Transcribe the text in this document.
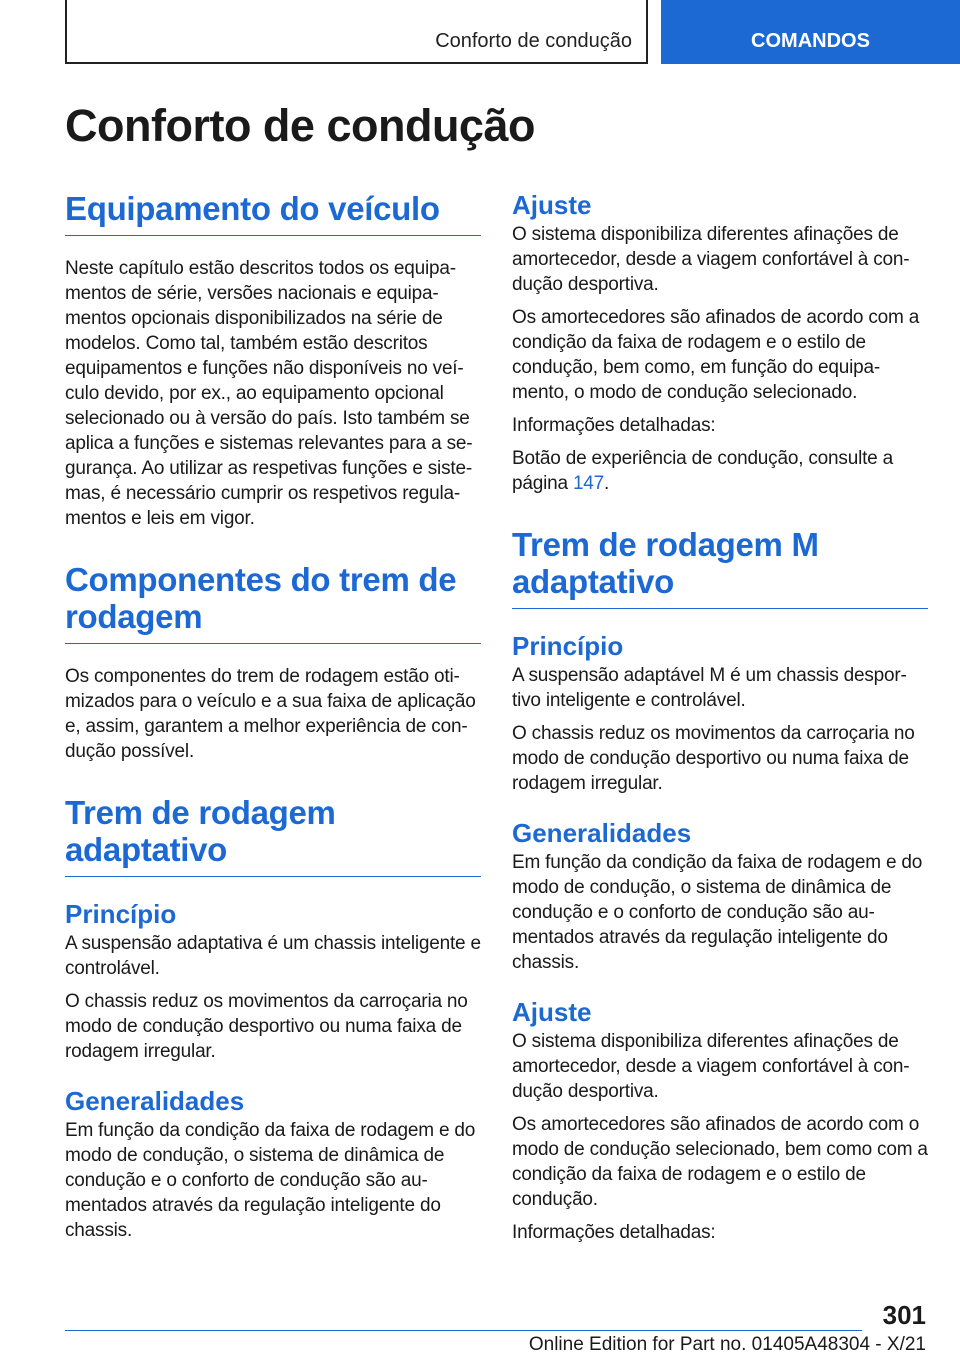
Conforto de condução	COMANDOS
Conforto de condução
Equipamento do veículo

Neste capítulo estão descritos todos os equipamentos de série, versões nacionais e equipamentos opcionais disponibilizados na série de modelos. Como tal, também estão descritos equipamentos e funções não disponíveis no veículo devido, por ex., ao equipamento opcional selecionado ou à versão do país. Isto também se aplica a funções e sistemas relevantes para a segurança. Ao utilizar as respetivas funções e sistemas, é necessário cumprir os respetivos regulamentos e leis em vigor.

Componentes do trem de rodagem

Os componentes do trem de rodagem estão otimizados para o veículo e a sua faixa de aplicação e, assim, garantem a melhor experiência de condução possível.

Trem de rodagem adaptativo
Princípio

A suspensão adaptativa é um chassis inteligente e controlável.

O chassis reduz os movimentos da carroçaria no modo de condução desportivo ou numa faixa de rodagem irregular.

Generalidades

Em função da condição da faixa de rodagem e do modo de condução, o sistema de dinâmica de condução e o conforto de condução são aumentados através da regulação inteligente do chassis.

Ajuste

O sistema disponibiliza diferentes afinações de amortecedor, desde a viagem confortável à condução desportiva.

Os amortecedores são afinados de acordo com a condição da faixa de rodagem e o estilo de condução, bem como, em função do equipamento, o modo de condução selecionado.

Informações detalhadas:

Botão de experiência de condução, consulte a página 147.

Trem de rodagem M adaptativo
Princípio

A suspensão adaptável M é um chassis desportivo inteligente e controlável.

O chassis reduz os movimentos da carroçaria no modo de condução desportivo ou numa faixa de rodagem irregular.

Generalidades

Em função da condição da faixa de rodagem e do modo de condução, o sistema de dinâmica de condução e o conforto de condução são aumentados através da regulação inteligente do chassis.

Ajuste

O sistema disponibiliza diferentes afinações de amortecedor, desde a viagem confortável à condução desportiva.

Os amortecedores são afinados de acordo com o modo de condução selecionado, bem como com a condição da faixa de rodagem e o estilo de condução.

Informações detalhadas:

301
Online Edition for Part no. 01405A48304 - X/21
